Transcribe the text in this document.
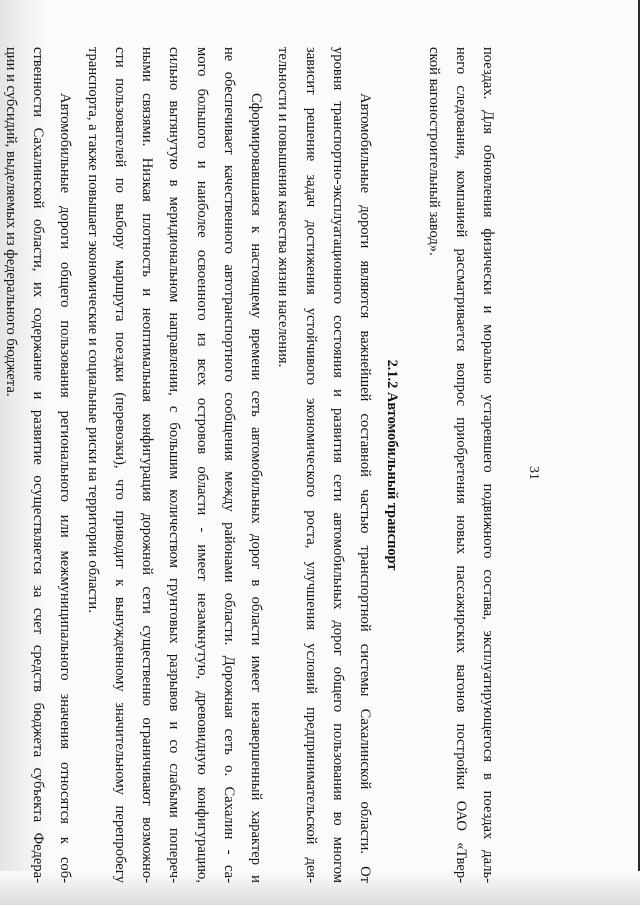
31
поездах. Для обновления физически и морально устаревшего подвижного состава, эксплуатирующегося в поездах даль-
него следования, компанией рассматривается вопрос приобретения новых пассажирских вагонов постройки ОАО «Твер-
ской вагоностроительный завод».
2.1.2 Автомобильный транспорт
Автомобильные дороги являются важнейшей составной частью транспортной системы Сахалинской области. От
уровня транспортно-эксплуатационного состояния и развития сети автомобильных дорог общего пользования во многом
зависит решение задач достижения устойчивого экономического роста, улучшения условий предпринимательской дея-
тельности и повышения качества жизни населения.
Сформировавшаяся к настоящему времени сеть автомобильных дорог в области имеет незавершенный характер и
не обеспечивает качественного автотранспортного сообщения между районами области. Дорожная сеть о. Сахалин - са-
мого большого и наиболее освоенного из всех островов области - имеет незамкнутую, древовидную конфигурацию,
сильно вытянутую в меридиональном направлении, с большим количеством грунтовых разрывов и со слабыми попереч-
ными связями. Низкая плотность и неоптимальная конфигурация дорожной сети существенно ограничивают возможно-
сти пользователей по выбору маршрута поездки (перевозки), что приводит к вынужденному значительному перепробегу
транспорта, а также повышает экономические и социальные риски на территории области.
Автомобильные дороги общего пользования регионального или межмуниципального значения относятся к соб-
ственности Сахалинской области, их содержание и развитие осуществляется за счет средств бюджета субъекта Федера-
ции и субсидий, выделяемых из федерального бюджета.
